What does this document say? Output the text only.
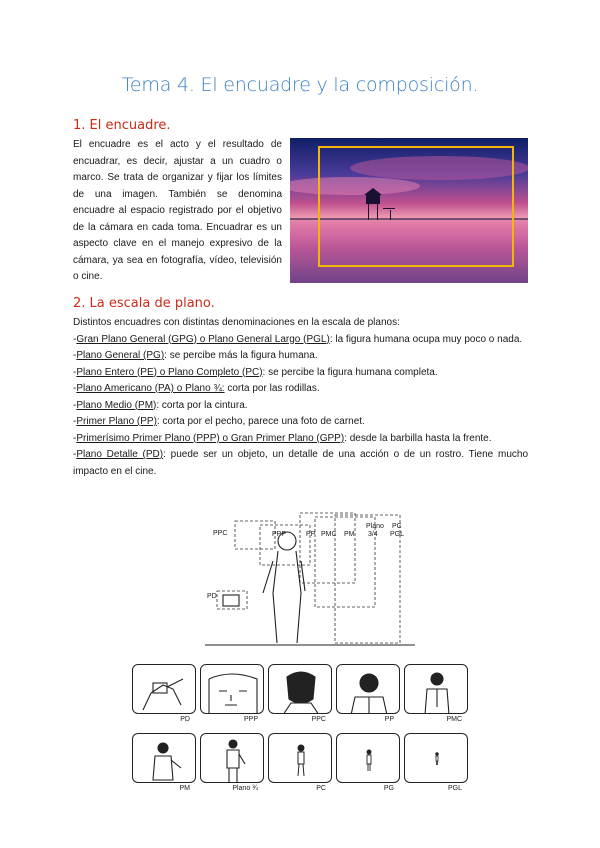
Tema 4. El encuadre y la composición.
1. El encuadre.

El encuadre es el acto y el resultado de encuadrar, es decir, ajustar a un cuadro o marco. Se trata de organizar y fijar los límites de una imagen. También se denomina encuadre al espacio registrado por el objetivo de la cámara en cada toma. Encuadrar es un aspecto clave en el manejo expresivo de la cámara, ya sea en fotografía, vídeo, televisión o cine.

2. La escala de plano.

Distintos encuadres con distintas denominaciones en la escala de planos:

-Gran Plano General (GPG) o Plano General Largo (PGL): la figura humana ocupa muy poco o nada.

-Plano General (PG): se percibe más la figura humana.

-Plano Entero (PE) o Plano Completo (PC): se percibe la figura humana completa.

-Plano Americano (PA) o Plano ¾: corta por las rodillas.

-Plano Medio (PM): corta por la cintura.

-Primer Plano (PP): corta por el pecho, parece una foto de carnet.

-Primerísimo Primer Plano (PPP) o Gran Primer Plano (GPP): desde la barbilla hasta la frente.

-Plano Detalle (PD): puede ser un objeto, un detalle de una acción o de un rostro. Tiene mucho impacto en el cine.

PPC	PPP	PP PMC PM
Plano
3/4
PC
PGL
PD
PD	PPP	PPC	PP	PMC
PM	Plano ¾	PC	PG	PGL
